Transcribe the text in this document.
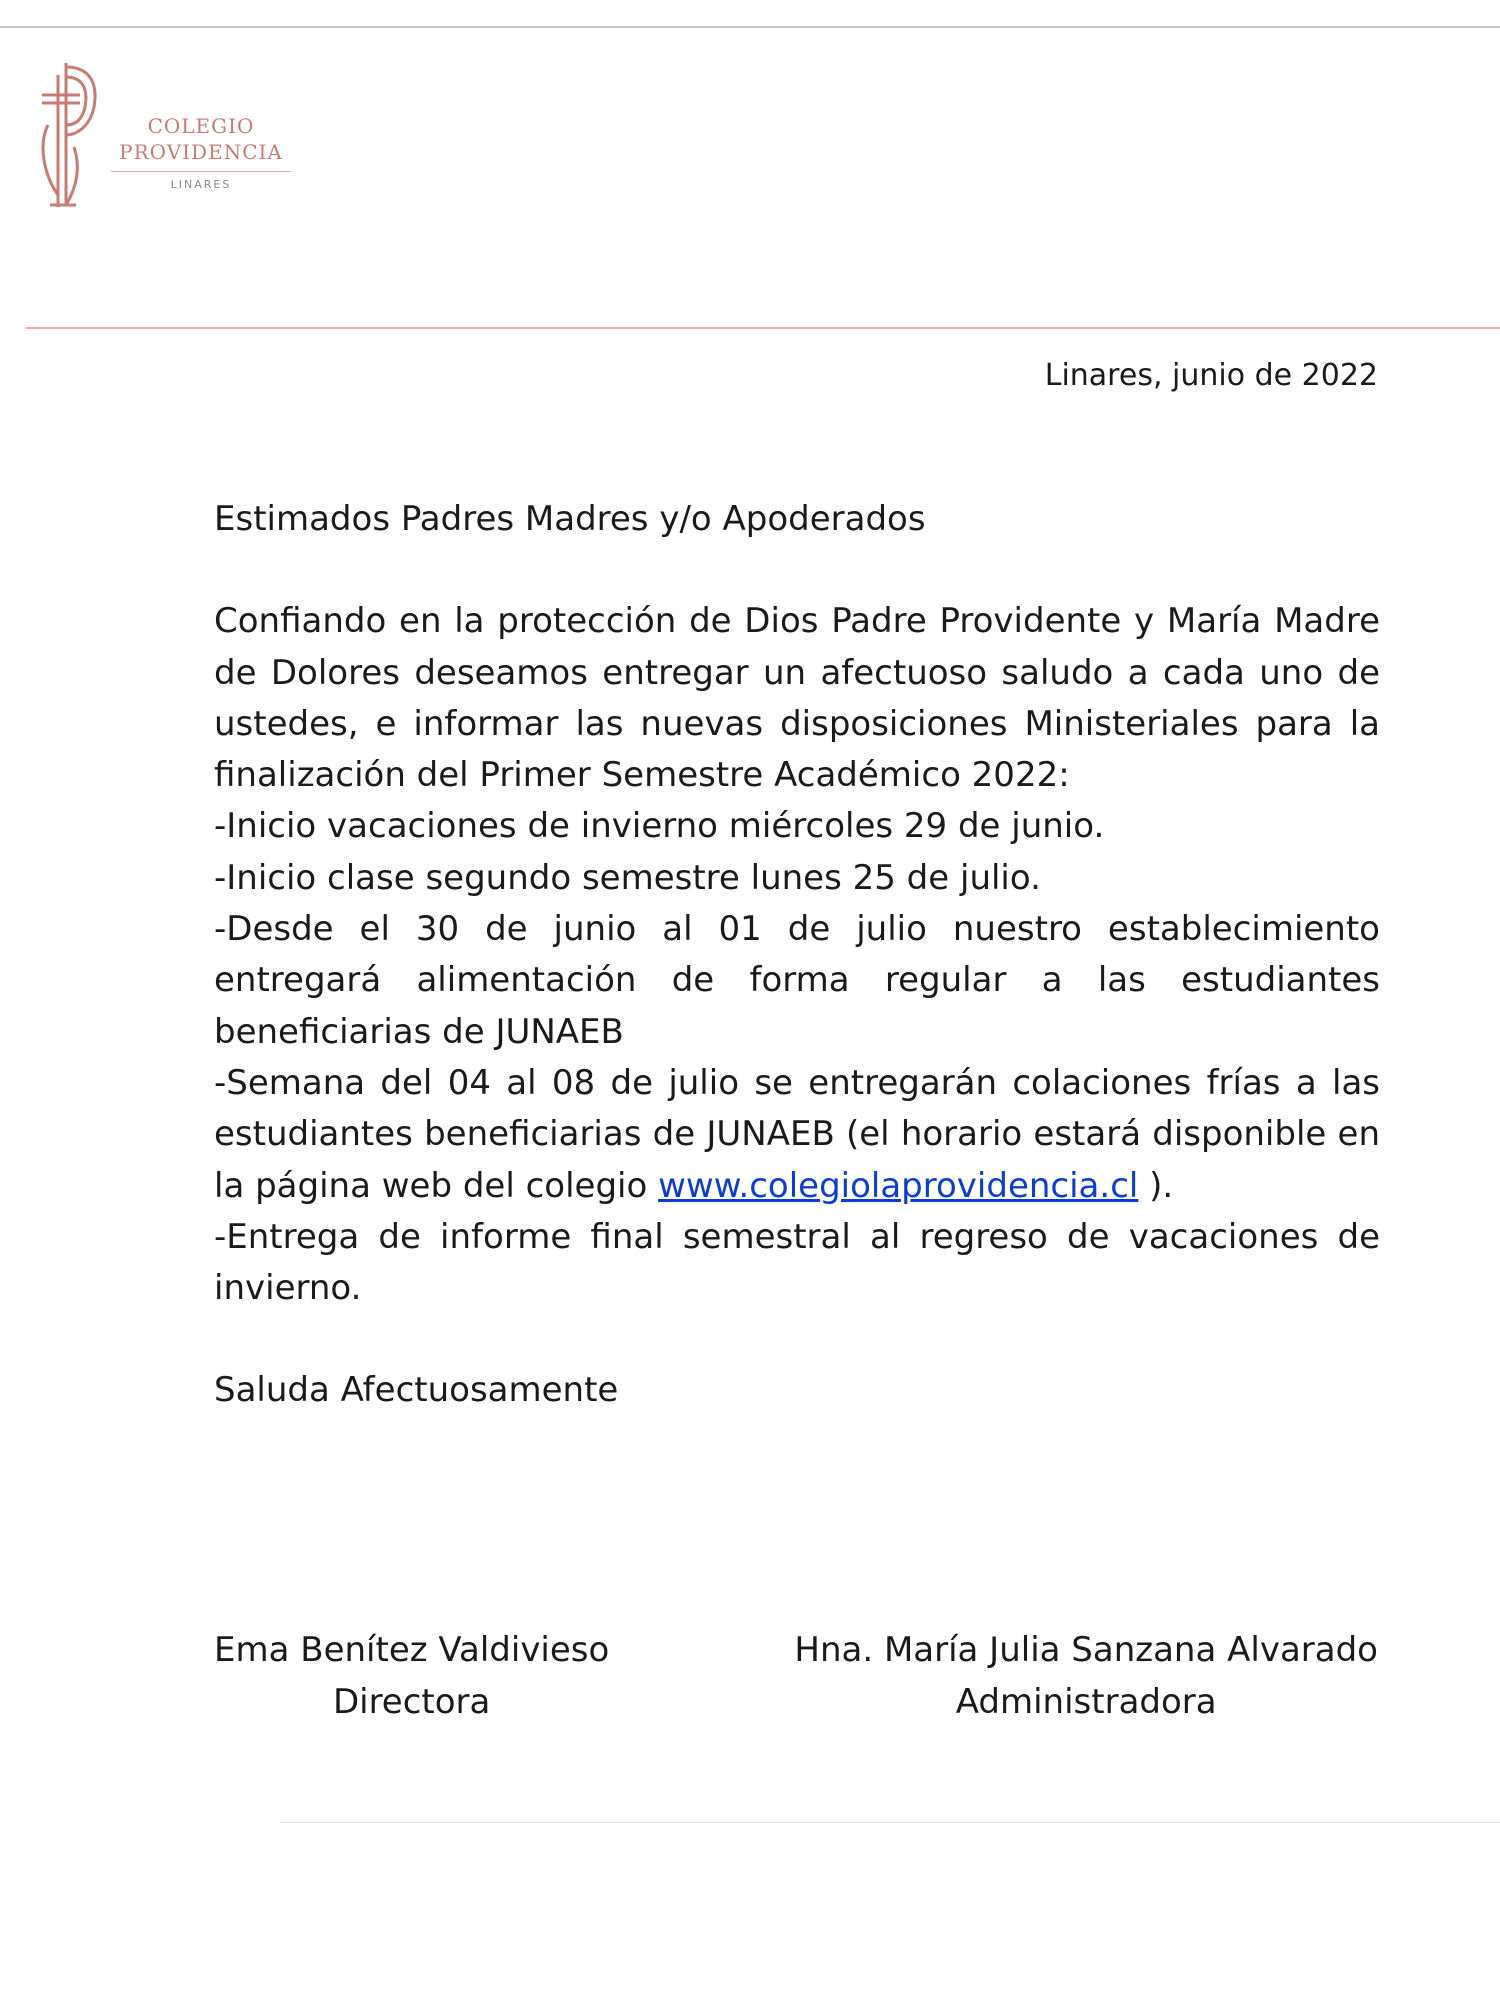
COLEGIO
PROVIDENCIA
LINARES
Linares, junio de 2022

Estimados Padres Madres y/o Apoderados

Confiando en la protección de Dios Padre Providente y María Madre de Dolores deseamos entregar un afectuoso saludo a cada uno de ustedes, e informar las nuevas disposiciones Ministeriales para la finalización del Primer Semestre Académico 2022:

-Inicio vacaciones de invierno miércoles 29 de junio.

-Inicio clase segundo semestre lunes 25 de julio.

-Desde el 30 de junio al 01 de julio nuestro establecimiento entregará alimentación de forma regular a las estudiantes beneficiarias de JUNAEB

-Semana del 04 al 08 de julio se entregarán colaciones frías a las estudiantes beneficiarias de JUNAEB (el horario estará disponible en la página web del colegio www.colegiolaprovidencia.cl ).

-Entrega de informe final semestral al regreso de vacaciones de invierno.

Saluda Afectuosamente

Ema Benítez Valdivieso
Directora
Hna. María Julia Sanzana Alvarado
Administradora
